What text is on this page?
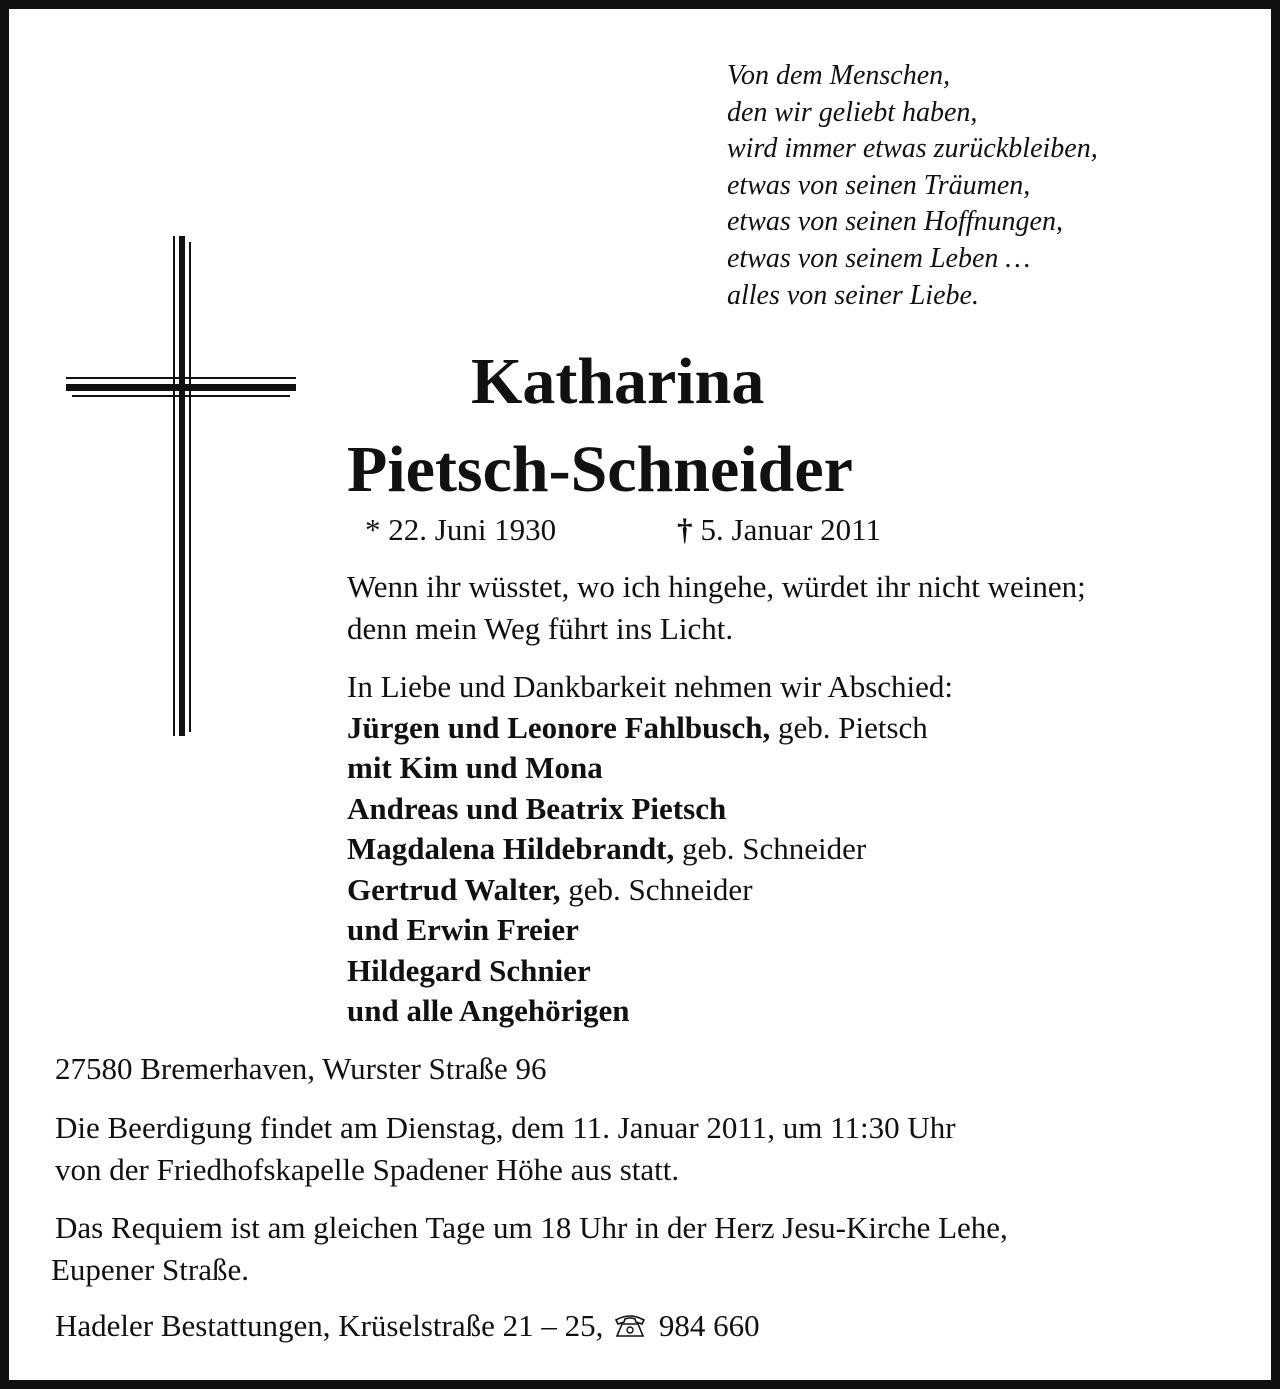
Von dem Menschen,
den wir geliebt haben,
wird immer etwas zurückbleiben,
etwas von seinen Träumen,
etwas von seinen Hoffnungen,
etwas von seinem Leben …
alles von seiner Liebe.
Katharina
Pietsch-Schneider
* 22. Juni 1930	† 5. Januar 2011
Wenn ihr wüsstet, wo ich hingehe, würdet ihr nicht weinen;
denn mein Weg führt ins Licht.
In Liebe und Dankbarkeit nehmen wir Abschied:
Jürgen und Leonore Fahlbusch, geb. Pietsch
mit Kim und Mona
Andreas und Beatrix Pietsch
Magdalena Hildebrandt, geb. Schneider
Gertrud Walter, geb. Schneider
und Erwin Freier
Hildegard Schnier
und alle Angehörigen
27580 Bremerhaven, Wurster Straße 96
Die Beerdigung findet am Dienstag, dem 11. Januar 2011, um 11:30 Uhr
von der Friedhofskapelle Spadener Höhe aus statt.
Das Requiem ist am gleichen Tage um 18 Uhr in der Herz Jesu-Kirche Lehe,
Eupener Straße.
Hadeler Bestattungen, Krüselstraße 21 – 25, 984 660
